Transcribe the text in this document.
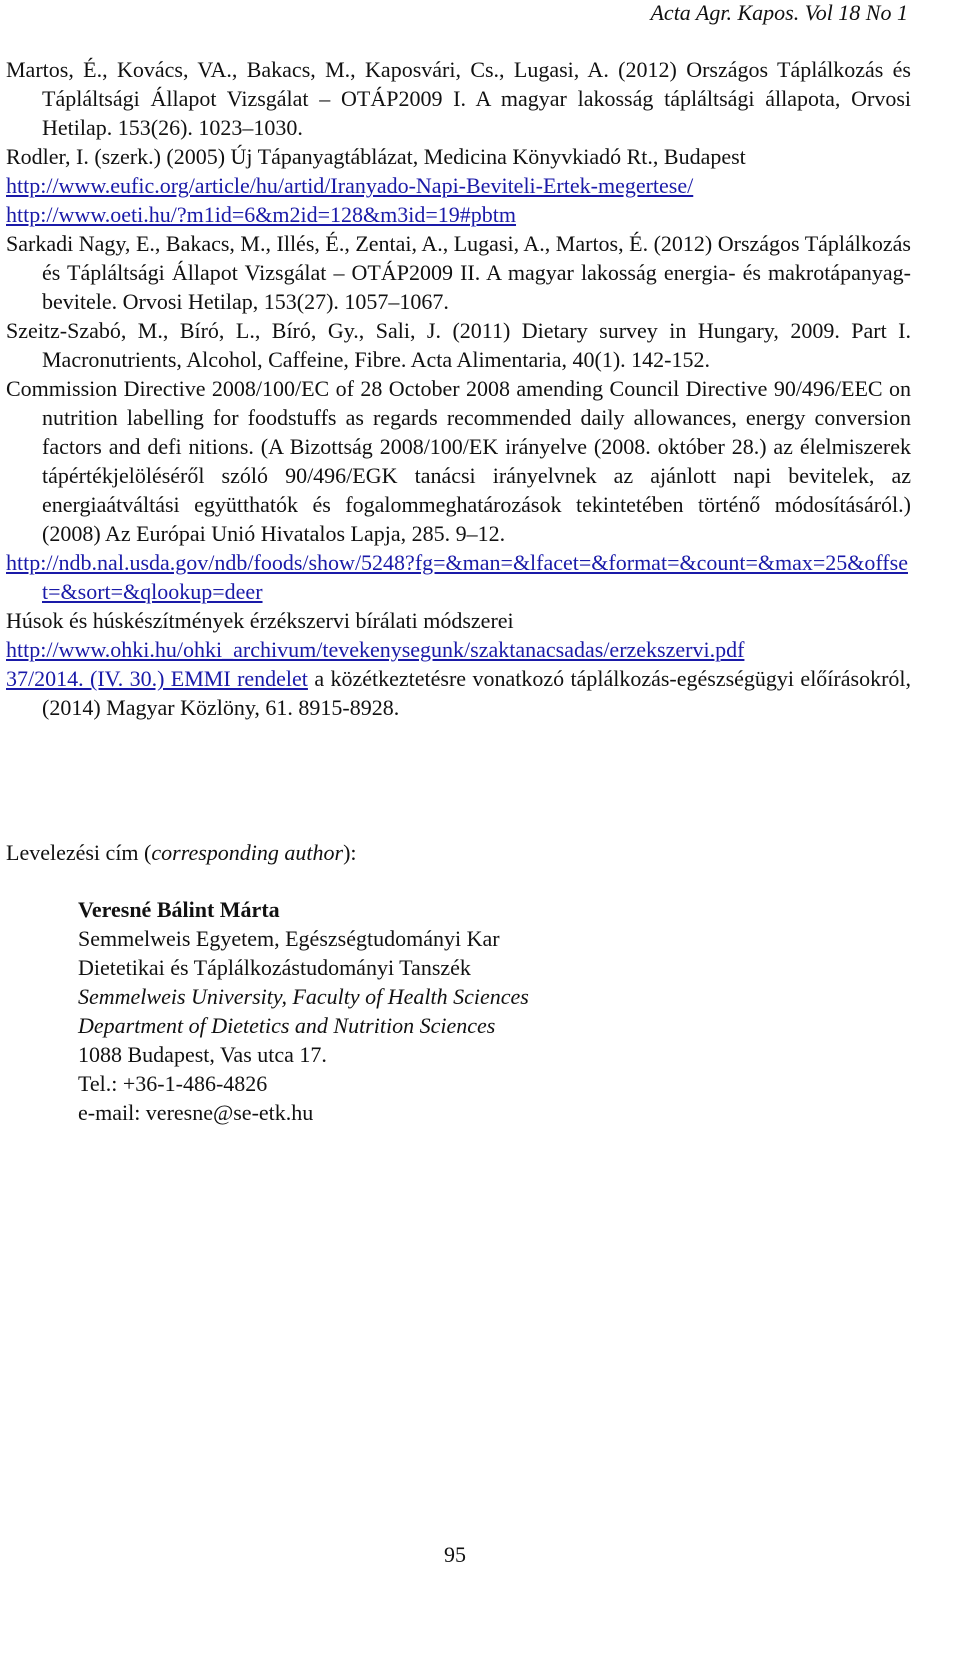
Acta Agr. Kapos. Vol 18 No 1
Martos, É., Kovács, VA., Bakacs, M., Kaposvári, Cs., Lugasi, A. (2012) Országos Táplálkozás és Tápláltsági Állapot Vizsgálat – OTÁP2009 I. A magyar lakosság tápláltsági állapota, Orvosi Hetilap. 153(26). 1023–1030.
Rodler, I. (szerk.) (2005) Új Tápanyagtáblázat, Medicina Könyvkiadó Rt., Budapest
http://www.eufic.org/article/hu/artid/Iranyado-Napi-Beviteli-Ertek-megertese/
http://www.oeti.hu/?m1id=6&m2id=128&m3id=19#pbtm
Sarkadi Nagy, E., Bakacs, M., Illés, É., Zentai, A., Lugasi, A., Martos, É. (2012) Országos Táplálkozás és Tápláltsági Állapot Vizsgálat – OTÁP2009 II. A magyar lakosság energia- és makrotápanyag-bevitele. Orvosi Hetilap, 153(27). 1057–1067.
Szeitz-Szabó, M., Bíró, L., Bíró, Gy., Sali, J. (2011) Dietary survey in Hungary, 2009. Part I. Macronutrients, Alcohol, Caffeine, Fibre. Acta Alimentaria, 40(1). 142-152.
Commission Directive 2008/100/EC of 28 October 2008 amending Council Directive 90/496/EEC on nutrition labelling for foodstuffs as regards recommended daily allowances, energy conversion factors and defi nitions. (A Bizottság 2008/100/EK irányelve (2008. október 28.) az élelmiszerek tápértékjelöléséről szóló 90/496/EGK tanácsi irányelvnek az ajánlott napi bevitelek, az energiaátváltási együtthatók és fogalommeghatározások tekintetében történő módosításáról.) (2008) Az Európai Unió Hivatalos Lapja, 285. 9–12.
http://ndb.nal.usda.gov/ndb/foods/show/5248?fg=&man=&lfacet=&format=&count=&max=25&offset=&sort=&qlookup=deer
Húsok és húskészítmények érzékszervi bírálati módszerei
http://www.ohki.hu/ohki_archivum/tevekenysegunk/szaktanacsadas/erzekszervi.pdf
37/2014. (IV. 30.) EMMI rendelet a közétkeztetésre vonatkozó táplálkozás-egészségügyi előírásokról, (2014) Magyar Közlöny, 61. 8915-8928.
Levelezési cím (corresponding author):
Veresné Bálint Márta
Semmelweis Egyetem, Egészségtudományi Kar
Dietetikai és Táplálkozástudományi Tanszék
Semmelweis University, Faculty of Health Sciences
Department of Dietetics and Nutrition Sciences
1088 Budapest, Vas utca 17.
Tel.: +36-1-486-4826
e-mail: veresne@se-etk.hu
95
